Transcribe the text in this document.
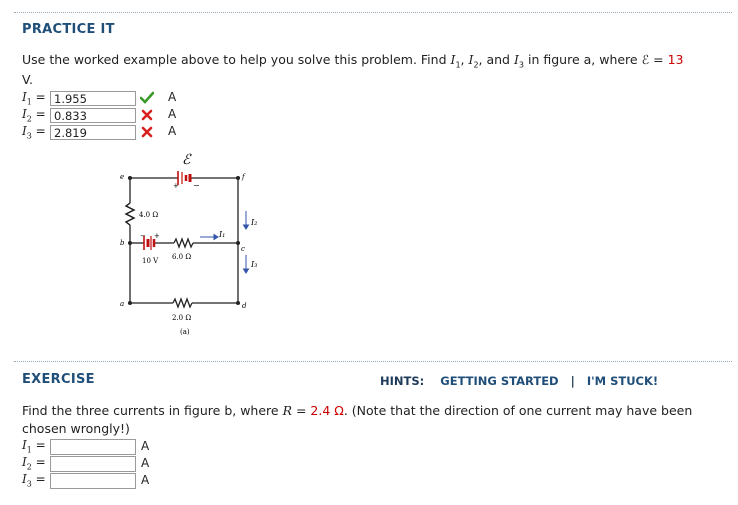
PRACTICE IT
Use the worked example above to help you solve this problem. Find $I_1$, $I_2$, and $I_3$ in figure a, where ℰ = 13
V.
$I_1 = 1.955$	A
$I_2 = 0.833$	A
$I_3 = 2.819$	A
ℰ
+ −
e	f
b
c
a	d
4.0 Ω
6.0 Ω
2.0 Ω
10 V
+
−	I₁
I₂
I₃
(a)
EXERCISE	HINTS: GETTING STARTED | I'M STUCK!
Find the three currents in figure b, where R = 2.4 Ω. (Note that the direction of one current may have been chosen wrongly!)
$I_1$ =	A
$I_2$ =	A
$I_3$ =	A
